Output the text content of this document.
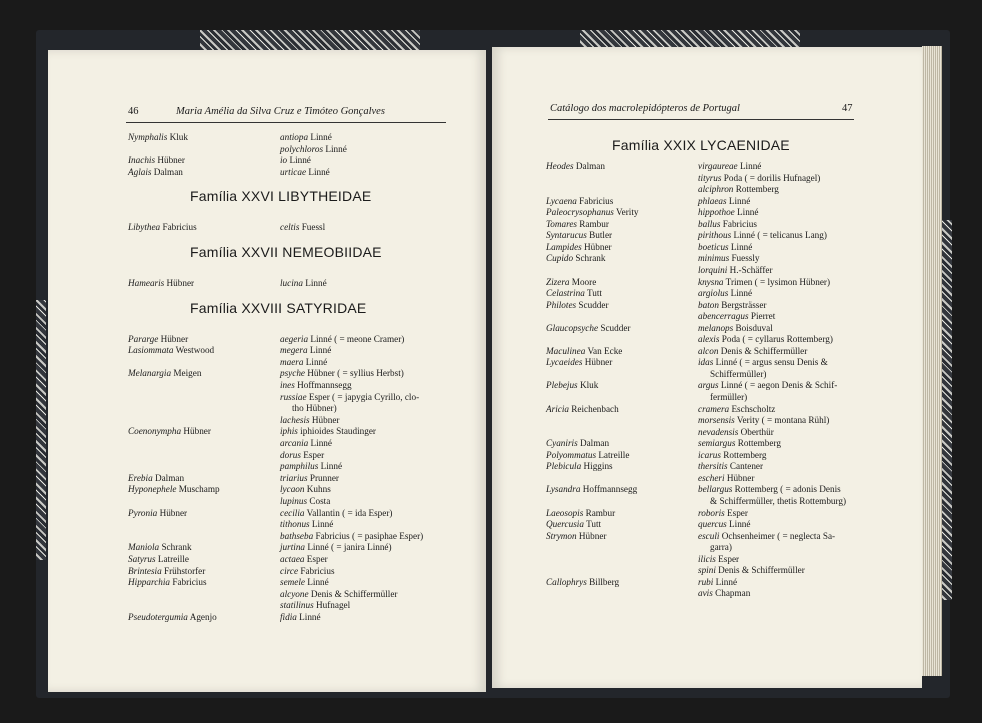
46	Maria Amélia da Silva Cruz e Timóteo Gonçalves
Nymphalis Kluk	antiopa Linné
polychloros Linné
Inachis Hübner	io Linné
Aglais Dalman	urticae Linné
Família XXVI LIBYTHEIDAE
Libythea Fabricius	celtis Fuessl
Família XXVII NEMEOBIIDAE
Hamearis Hübner	lucina Linné
Família XXVIII SATYRIDAE
Pararge Hübner	aegeria Linné ( = meone Cramer)
Lasiommata Westwood	megera Linné
maera Linné
Melanargia Meigen	psyche Hübner ( = syllius Herbst)
ines Hoffmannsegg
russiae Esper ( = japygia Cyrillo, clo-
tho Hübner)
lachesis Hübner
Coenonympha Hübner	iphis iphioides Staudinger
arcania Linné
dorus Esper
pamphilus Linné
Erebia Dalman	triarius Prunner
Hyponephele Muschamp	lycaon Kuhns
lupinus Costa
Pyronia Hübner	cecilia Vallantin ( = ida Esper)
tithonus Linné
bathseba Fabricius ( = pasiphae Esper)
Maniola Schrank	jurtina Linné ( = janira Linné)
Satyrus Latreille	actaea Esper
Brintesia Frühstorfer	circe Fabricius
Hipparchia Fabricius	semele Linné
alcyone Denis & Schiffermüller
statilinus Hufnagel
Pseudotergumia Agenjo	fidia Linné
Catálogo dos macrolepidópteros de Portugal	47
Família XXIX LYCAENIDAE
Heodes Dalman	virgaureae Linné
tityrus Poda ( = dorilis Hufnagel)
alciphron Rottemberg
Lycaena Fabricius	phlaeas Linné
Paleocrysophanus Verity	hippothoe Linné
Tomares Rambur	ballus Fabricius
Syntarucus Butler	pirithous Linné ( = telicanus Lang)
Lampides Hübner	boeticus Linné
Cupido Schrank	minimus Fuessly
lorquini H.-Schäffer
Zizera Moore	knysna Trimen ( = lysimon Hübner)
Celastrina Tutt	argiolus Linné
Philotes Scudder	baton Bergsträsser
abencerragus Pierret
Glaucopsyche Scudder	melanops Boisduval
alexis Poda ( = cyllarus Rottemberg)
Maculinea Van Ecke	alcon Denis & Schiffermüller
Lycaeides Hübner	idas Linné ( = argus sensu Denis &
Schiffermüller)
Plebejus Kluk	argus Linné ( = aegon Denis & Schif-
fermüller)
Aricia Reichenbach	cramera Eschscholtz
morsensis Verity ( = montana Rühl)
nevadensis Oberthür
Cyaniris Dalman	semiargus Rottemberg
Polyommatus Latreille	icarus Rottemberg
Plebicula Higgins	thersitis Cantener
escheri Hübner
Lysandra Hoffmannsegg	bellargus Rottemberg ( = adonis Denis
& Schiffermüller, thetis Rottemburg)
Laeosopis Rambur	roboris Esper
Quercusia Tutt	quercus Linné
Strymon Hübner	esculi Ochsenheimer ( = neglecta Sa-
garra)
ilicis Esper
spini Denis & Schiffermüller
Callophrys Billberg	rubi Linné
avis Chapman
